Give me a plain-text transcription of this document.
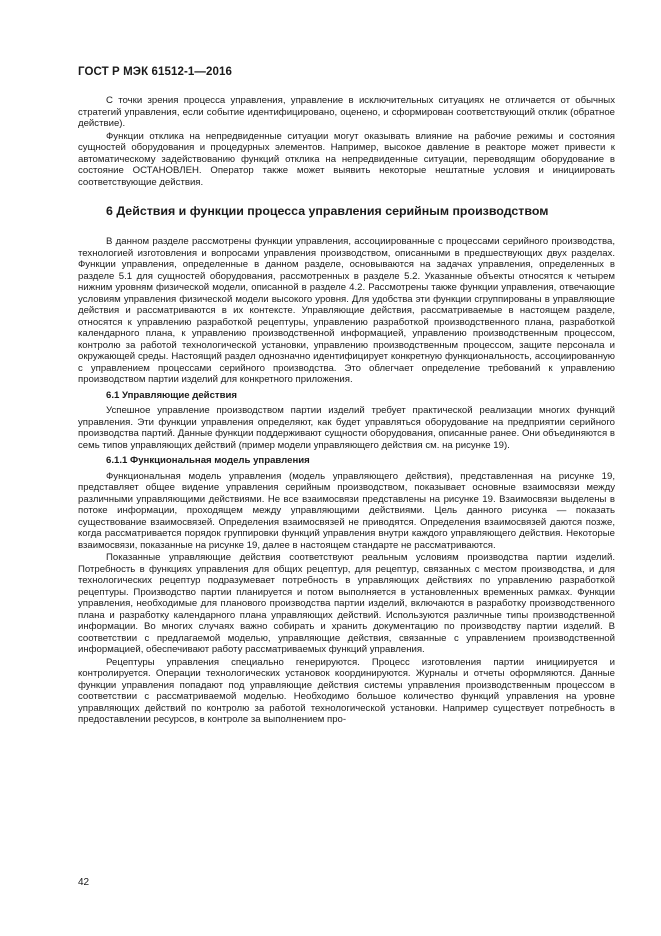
ГОСТ Р МЭК 61512-1—2016

С точки зрения процесса управления, управление в исключительных ситуациях не отличается от обычных стратегий управления, если событие идентифицировано, оценено, и сформирован соответствующий отклик (обратное действие).

Функции отклика на непредвиденные ситуации могут оказывать влияние на рабочие режимы и состояния сущностей оборудования и процедурных элементов. Например, высокое давление в реакторе может привести к автоматическому задействованию функций отклика на непредвиденные ситуации, переводящим оборудование в состояние ОСТАНОВЛЕН. Оператор также может выявить некоторые нештатные условия и инициировать соответствующие действия.

6 Действия и функции процесса управления серийным производством

В данном разделе рассмотрены функции управления, ассоциированные с процессами серийного производства, технологией изготовления и вопросами управления производством, описанными в предшествующих двух разделах. Функции управления, определенные в данном разделе, основываются на задачах управления, определенных в разделе 5.1 для сущностей оборудования, рассмотренных в разделе 5.2. Указанные объекты относятся к четырем нижним уровням физической модели, описанной в разделе 4.2. Рассмотрены также функции управления, отвечающие условиям управления физической модели высокого уровня. Для удобства эти функции сгруппированы в управляющие действия и рассматриваются в их контексте. Управляющие действия, рассматриваемые в настоящем разделе, относятся к управлению разработкой рецептуры, управлению разработкой производственного плана, разработкой календарного плана, к управлению производственной информацией, управлению производственным процессом, контролю за работой технологической установки, управлению производственным процессом, защите персонала и окружающей среды. Настоящий раздел однозначно идентифицирует конкретную функциональность, ассоциированную с управлением процессами серийного производства. Это облегчает определение требований к управлению производством партии изделий для конкретного приложения.

6.1 Управляющие действия

Успешное управление производством партии изделий требует практической реализации многих функций управления. Эти функции управления определяют, как будет управляться оборудование на предприятии серийного производства партий. Данные функции поддерживают сущности оборудования, описанные ранее. Они объединяются в семь типов управляющих действий (пример модели управляющего действия см. на рисунке 19).

6.1.1 Функциональная модель управления

Функциональная модель управления (модель управляющего действия), представленная на рисунке 19, представляет общее видение управления серийным производством, показывает основные взаимосвязи между различными управляющими действиями. Не все взаимосвязи представлены на рисунке 19. Взаимосвязи выделены в потоке информации, проходящем между управляющими действиями. Цель данного рисунка — показать существование взаимосвязей. Определения взаимосвязей не приводятся. Определения взаимосвязей даются позже, когда рассматривается порядок группировки функций управления внутри каждого управляющего действия. Некоторые взаимосвязи, показанные на рисунке 19, далее в настоящем стандарте не рассматриваются.

Показанные управляющие действия соответствуют реальным условиям производства партии изделий. Потребность в функциях управления для общих рецептур, для рецептур, связанных с местом производства, и для технологических рецептур подразумевает потребность в управляющих действиях по управлению разработкой рецептуры. Производство партии планируется и потом выполняется в установленных временных рамках. Функции управления, необходимые для планового производства партии изделий, включаются в разработку производственного плана и разработку календарного плана управляющих действий. Используются различные типы производственной информации. Во многих случаях важно собирать и хранить документацию по производству партии изделий. В соответствии с предлагаемой моделью, управляющие действия, связанные с управлением производственной информацией, обеспечивают работу рассматриваемых функций управления.

Рецептуры управления специально генерируются. Процесс изготовления партии инициируется и контролируется. Операции технологических установок координируются. Журналы и отчеты оформляются. Данные функции управления попадают под управляющие действия системы управления производственным процессом в соответствии с рассматриваемой моделью. Необходимо большое количество функций управления на уровне управляющих действий по контролю за работой технологической установки. Например существует потребность в предоставлении ресурсов, в контроле за выполнением про-

42
